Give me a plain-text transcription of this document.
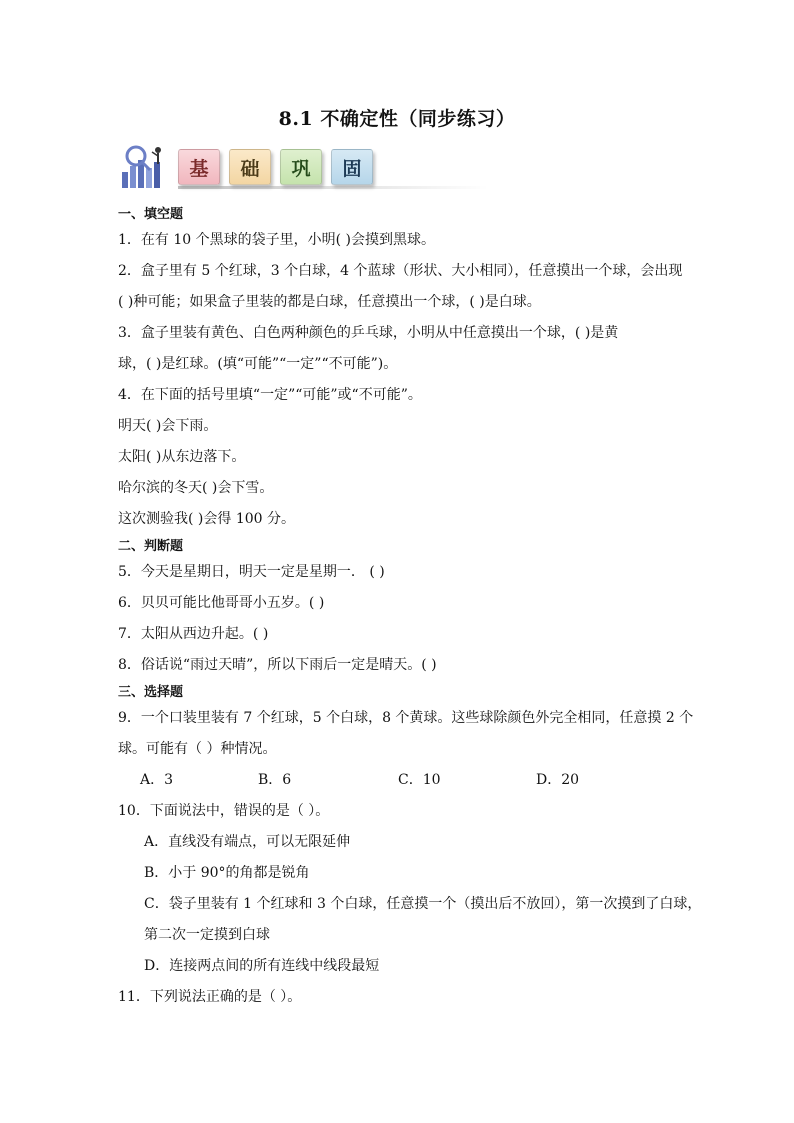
8.1 不确定性（同步练习）
基	础	巩	固
一、填空题
1．在有 10 个黑球的袋子里，小明( )会摸到黑球。
2．盒子里有 5 个红球，3 个白球，4 个蓝球（形状、大小相同），任意摸出一个球，会出现
( )种可能；如果盒子里装的都是白球，任意摸出一个球，( )是白球。
3．盒子里装有黄色、白色两种颜色的乒乓球，小明从中任意摸出一个球，( )是黄
球，( )是红球。(填“可能”“一定”“不可能”)。
4．在下面的括号里填“一定”“可能”或“不可能”。
明天( )会下雨。
太阳( )从东边落下。
哈尔滨的冬天( )会下雪。
这次测验我( )会得 100 分。
二、判断题
5．今天是星期日，明天一定是星期一． ( )
6．贝贝可能比他哥哥小五岁。( )
7．太阳从西边升起。( )
8．俗话说“雨过天晴”，所以下雨后一定是晴天。( )
三、选择题
9．一个口装里装有 7 个红球，5 个白球，8 个黄球。这些球除颜色外完全相同，任意摸 2 个
球。可能有（ ）种情况。
A．3	B．6	C．10	D．20
10．下面说法中，错误的是（ ）。
A．直线没有端点，可以无限延伸
B．小于 90°的角都是锐角
C．袋子里装有 1 个红球和 3 个白球，任意摸一个（摸出后不放回），第一次摸到了白球，
第二次一定摸到白球
D．连接两点间的所有连线中线段最短
11．下列说法正确的是（ ）。
